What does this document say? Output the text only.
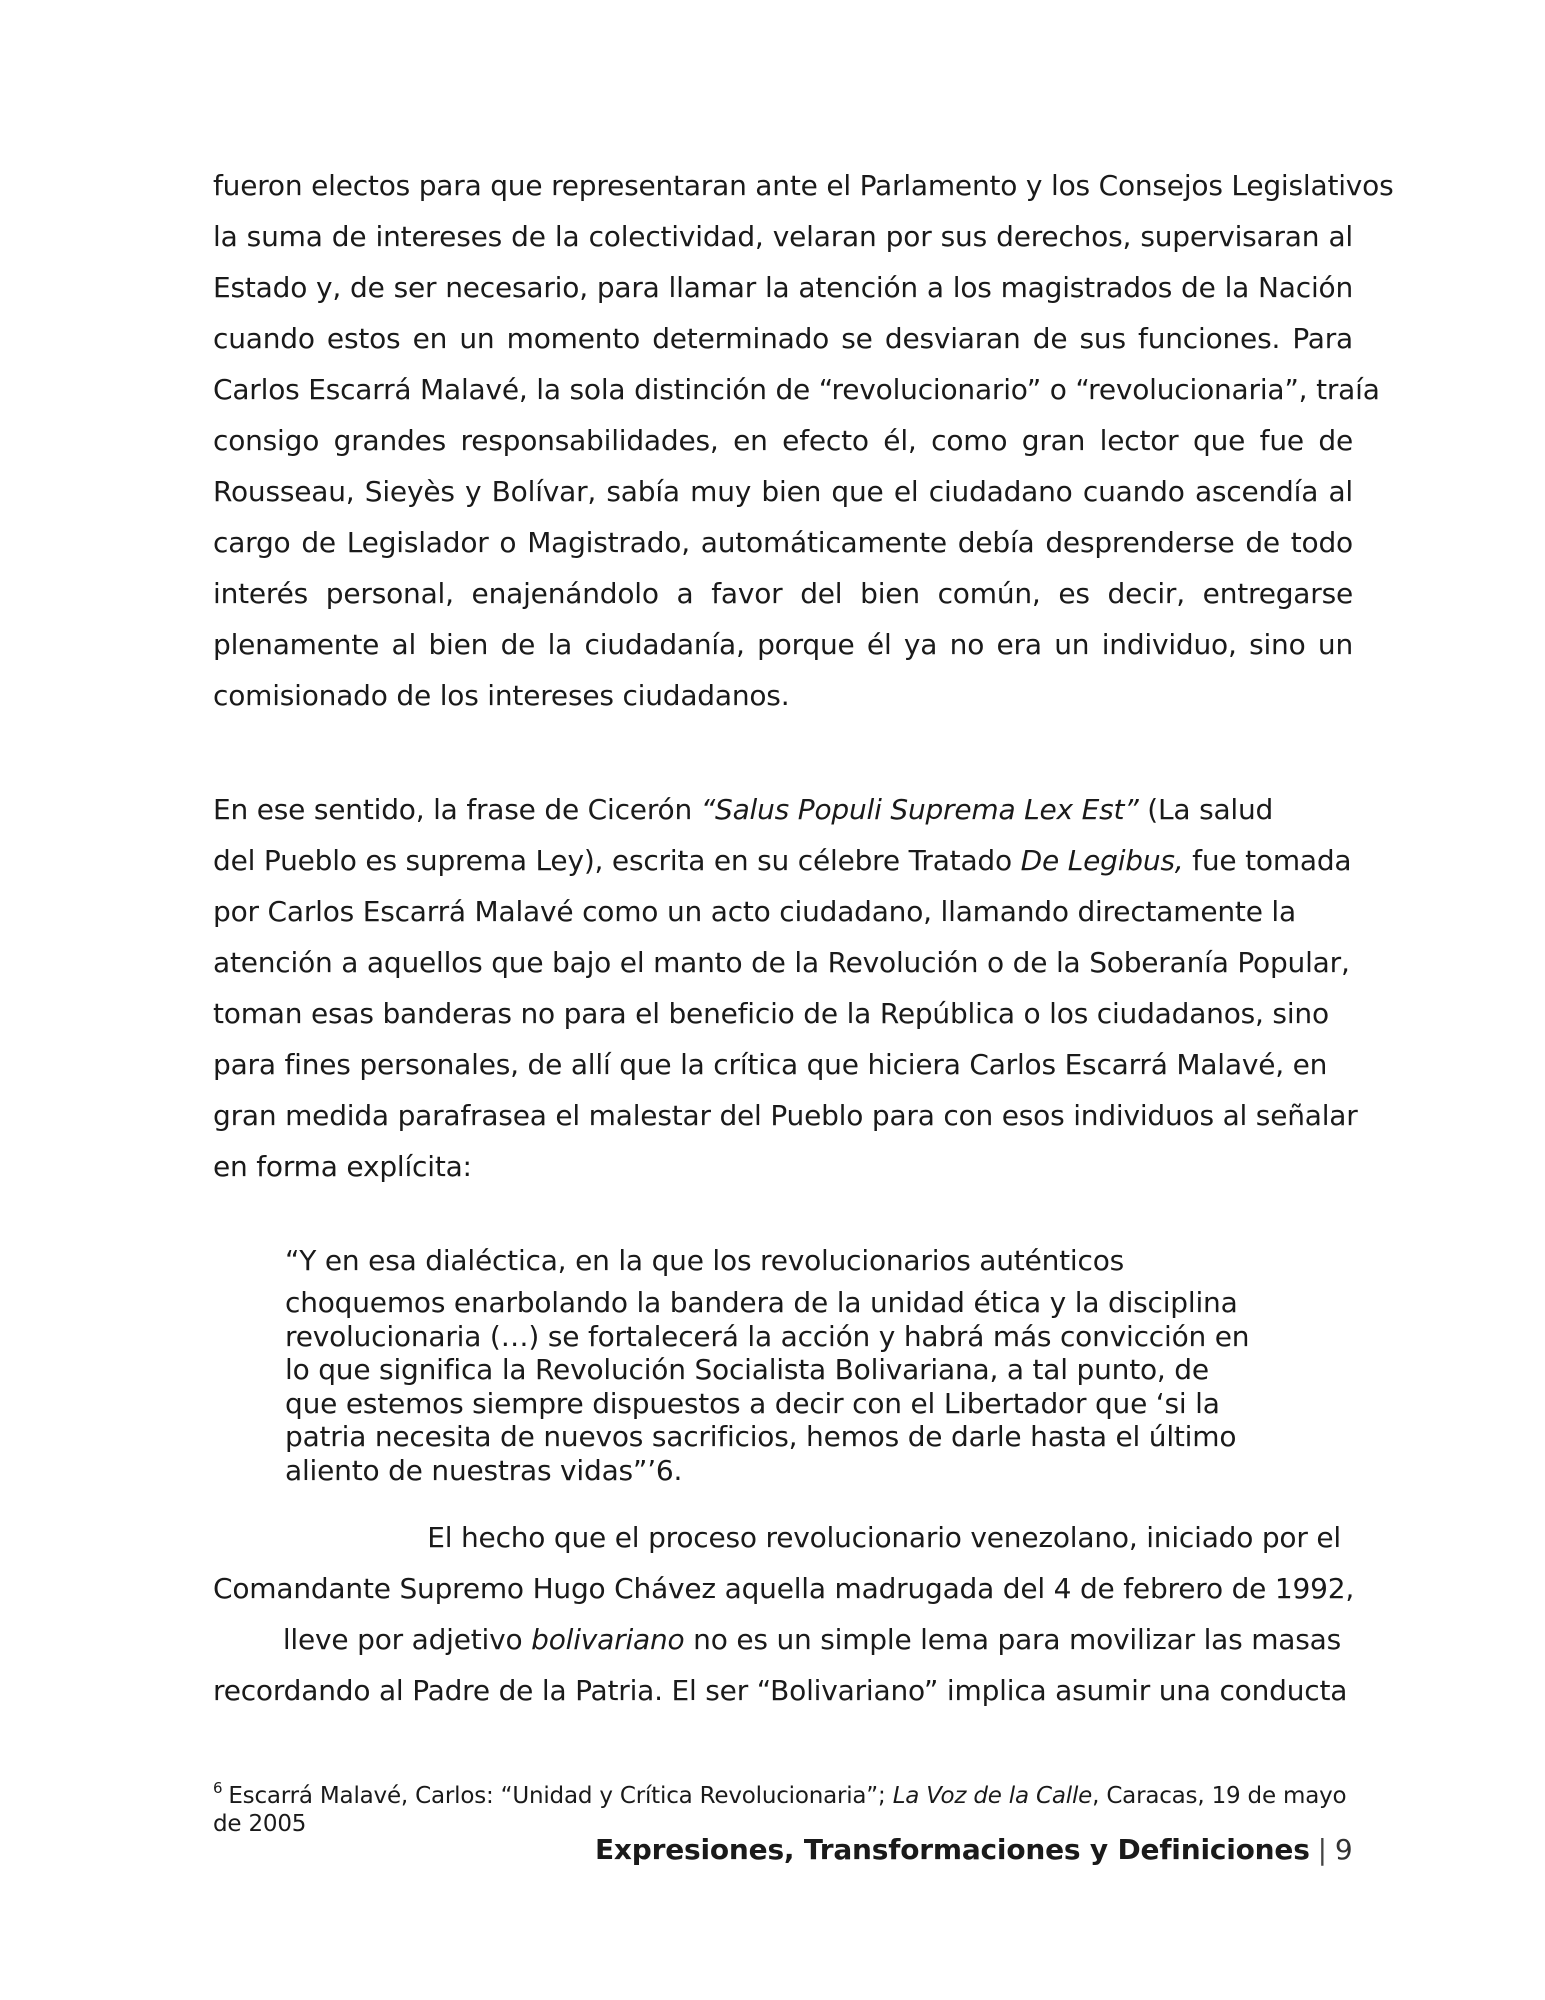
fueron electos para que representaran ante el Parlamento y los Consejos Legislativos
la suma de intereses de la colectividad, velaran por sus derechos, supervisaran al
Estado y, de ser necesario, para llamar la atención a los magistrados de la Nación
cuando estos en un momento determinado se desviaran de sus funciones. Para
Carlos Escarrá Malavé, la sola distinción de “revolucionario” o “revolucionaria”, traía
consigo grandes responsabilidades, en efecto él, como gran lector que fue de
Rousseau, Sieyès y Bolívar, sabía muy bien que el ciudadano cuando ascendía al
cargo de Legislador o Magistrado, automáticamente debía desprenderse de todo
interés personal, enajenándolo a favor del bien común, es decir, entregarse
plenamente al bien de la ciudadanía, porque él ya no era un individuo, sino un
comisionado de los intereses ciudadanos.
En ese sentido, la frase de Cicerón “Salus Populi Suprema Lex Est” (La salud
del Pueblo es suprema Ley), escrita en su célebre Tratado De Legibus, fue tomada
por Carlos Escarrá Malavé como un acto ciudadano, llamando directamente la
atención a aquellos que bajo el manto de la Revolución o de la Soberanía Popular,
toman esas banderas no para el beneficio de la República o los ciudadanos, sino
para fines personales, de allí que la crítica que hiciera Carlos Escarrá Malavé, en
gran medida parafrasea el malestar del Pueblo para con esos individuos al señalar
en forma explícita:
“Y en esa dialéctica, en la que los revolucionarios auténticos
choquemos enarbolando la bandera de la unidad ética y la disciplina
revolucionaria (…) se fortalecerá la acción y habrá más convicción en
lo que significa la Revolución Socialista Bolivariana, a tal punto, de
que estemos siempre dispuestos a decir con el Libertador que ‘si la
patria necesita de nuevos sacrificios, hemos de darle hasta el último
aliento de nuestras vidas”’6.
El hecho que el proceso revolucionario venezolano, iniciado por el
Comandante Supremo Hugo Chávez aquella madrugada del 4 de febrero de 1992,
lleve por adjetivo bolivariano no es un simple lema para movilizar las masas
recordando al Padre de la Patria. El ser “Bolivariano” implica asumir una conducta
$^6$ Escarrá Malavé, Carlos: “Unidad y Crítica Revolucionaria”; La Voz de la Calle, Caracas, 19 de mayo
de 2005
Expresiones, Transformaciones y Definiciones | 9
